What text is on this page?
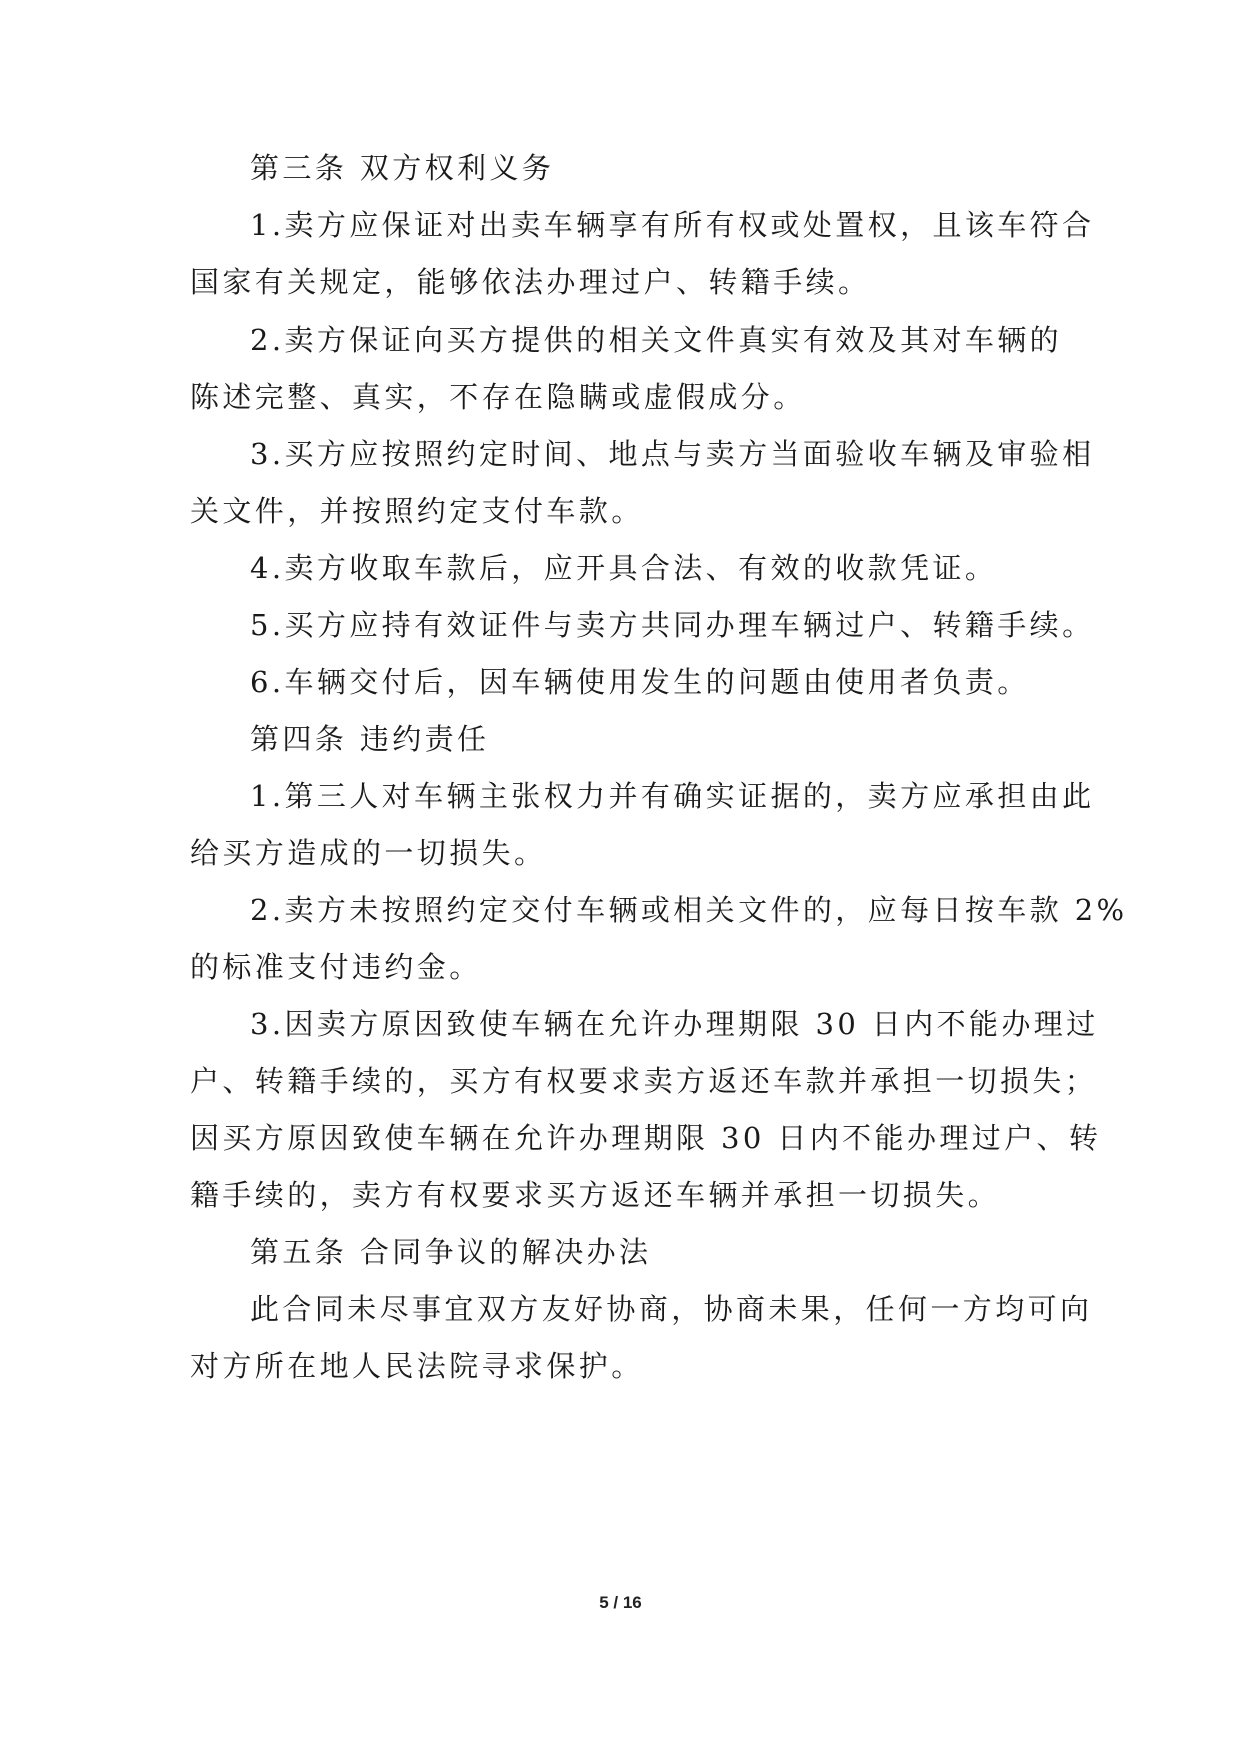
第三条 双方权利义务
1.卖方应保证对出卖车辆享有所有权或处置权，且该车符合
国家有关规定，能够依法办理过户、转籍手续。
2.卖方保证向买方提供的相关文件真实有效及其对车辆的
陈述完整、真实，不存在隐瞒或虚假成分。
3.买方应按照约定时间、地点与卖方当面验收车辆及审验相
关文件，并按照约定支付车款。
4.卖方收取车款后，应开具合法、有效的收款凭证。
5.买方应持有效证件与卖方共同办理车辆过户、转籍手续。
6.车辆交付后，因车辆使用发生的问题由使用者负责。
第四条 违约责任
1.第三人对车辆主张权力并有确实证据的，卖方应承担由此
给买方造成的一切损失。
2.卖方未按照约定交付车辆或相关文件的，应每日按车款 2%
的标准支付违约金。
3.因卖方原因致使车辆在允许办理期限 30 日内不能办理过
户、转籍手续的，买方有权要求卖方返还车款并承担一切损失；
因买方原因致使车辆在允许办理期限 30 日内不能办理过户、转
籍手续的，卖方有权要求买方返还车辆并承担一切损失。
第五条 合同争议的解决办法
此合同未尽事宜双方友好协商，协商未果，任何一方均可向
对方所在地人民法院寻求保护。
5 / 16
